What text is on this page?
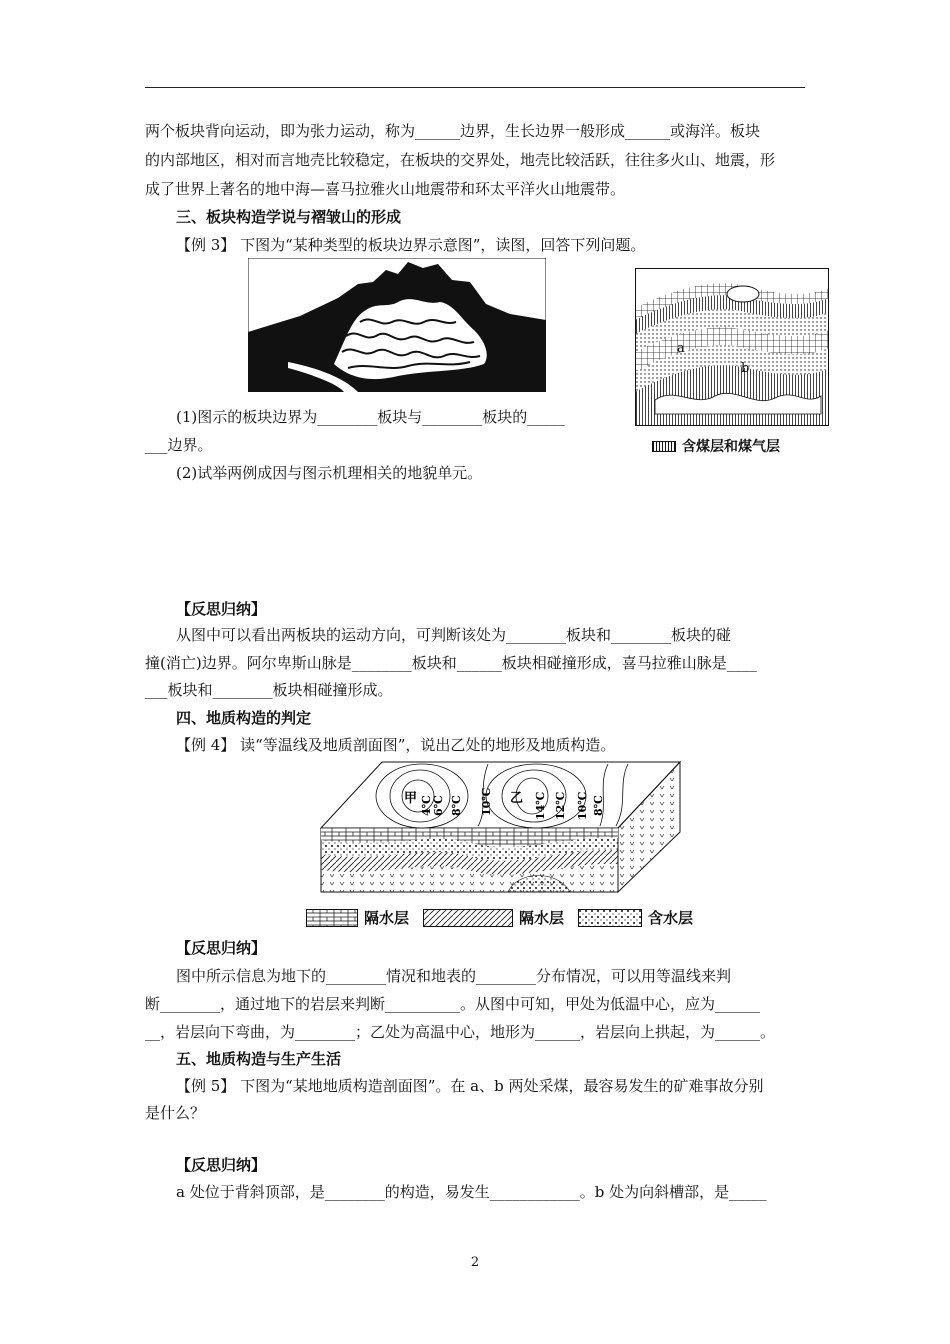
两个板块背向运动，即为张力运动，称为______边界，生长边界一般形成______或海洋。板块
的内部地区，相对而言地壳比较稳定，在板块的交界处，地壳比较活跃，往往多火山、地震，形
成了世界上著名的地中海—喜马拉雅火山地震带和环太平洋火山地震带。
三、板块构造学说与褶皱山的形成
【例 3】 下图为“某种类型的板块边界示意图”，读图，回答下列问题。
a
b
含煤层和煤气层
(1)图示的板块边界为________板块与________板块的_____
___边界。
(2)试举两例成因与图示机理相关的地貌单元。
【反思归纳】
从图中可以看出两板块的运动方向，可判断该处为________板块和________板块的碰
撞(消亡)边界。阿尔卑斯山脉是________板块和______板块相碰撞形成，喜马拉雅山脉是____
___板块和________板块相碰撞形成。
四、地质构造的判定
【例 4】 读“等温线及地质剖面图”，说出乙处的地形及地质构造。
甲	乙
4℃ 6℃ 8℃ 10℃	14℃ 12℃ 10℃ 8℃
隔水层	隔水层	含水层
【反思归纳】
图中所示信息为地下的________情况和地表的________分布情况，可以用等温线来判
断________，通过地下的岩层来判断__________。从图中可知，甲处为低温中心，应为______
__，岩层向下弯曲，为________；乙处为高温中心，地形为______，岩层向上拱起，为______。
五、地质构造与生产生活
【例 5】 下图为“某地地质构造剖面图”。在 a、b 两处采煤，最容易发生的矿难事故分别
是什么？
【反思归纳】
a 处位于背斜顶部，是________的构造，易发生____________。b 处为向斜槽部，是_____
2
